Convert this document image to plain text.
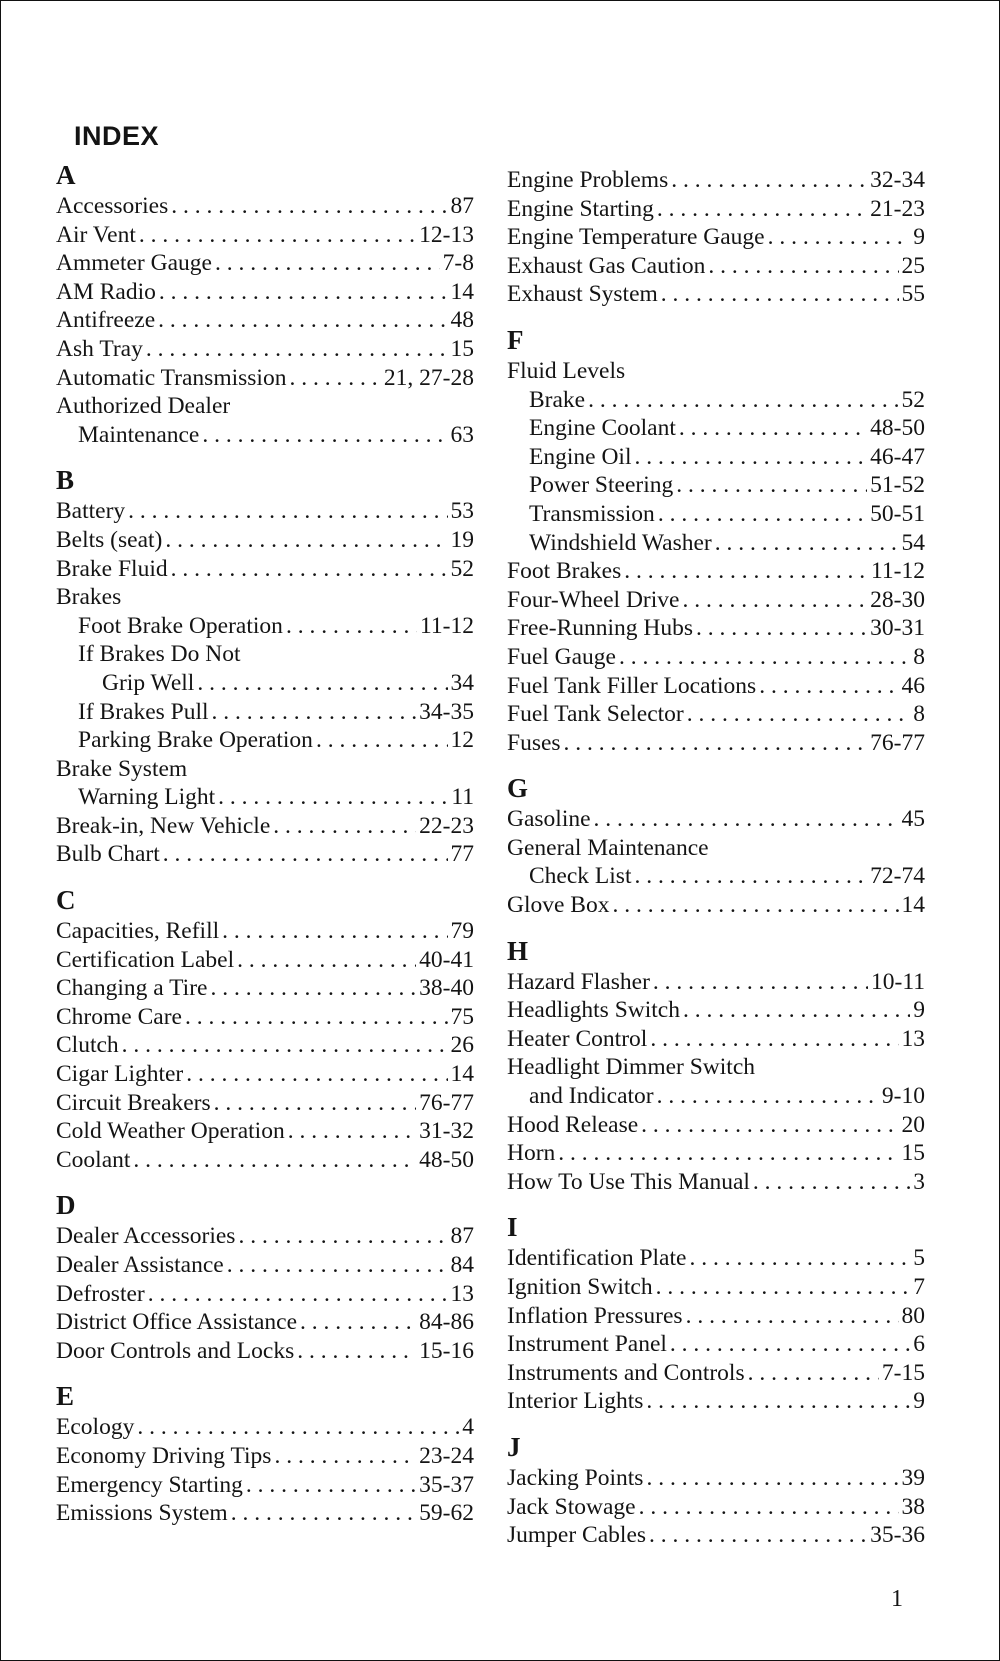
INDEX
A
Accessories . . .	87
Air Vent . . .	12-13
Ammeter Gauge . . .	7-8
AM Radio . . .	14
Antifreeze . . .	48
Ash Tray . . .	15
Automatic Transmission . . .	21, 27-28
Authorized Dealer
Maintenance . . .	63
B
Battery . . .	53
Belts (seat) . . .	19
Brake Fluid . . .	52
Brakes
Foot Brake Operation . . .	11-12
If Brakes Do Not
Grip Well . . .	34
If Brakes Pull . . .	34-35
Parking Brake Operation . . .	12
Brake System
Warning Light . . .	11
Break-in, New Vehicle . . .	22-23
Bulb Chart . . .	77
C
Capacities, Refill . . .	79
Certification Label . . .	40-41
Changing a Tire . . .	38-40
Chrome Care . . .	75
Clutch . . .	26
Cigar Lighter . . .	14
Circuit Breakers . . .	76-77
Cold Weather Operation . . .	31-32
Coolant . . .	48-50
D
Dealer Accessories . . .	87
Dealer Assistance . . .	84
Defroster . . .	13
District Office Assistance . . .	84-86
Door Controls and Locks . . .	15-16
E
Ecology . . .	4
Economy Driving Tips . . .	23-24
Emergency Starting . . .	35-37
Emissions System . . .	59-62
Engine Problems . . .	32-34
Engine Starting . . .	21-23
Engine Temperature Gauge . . .	9
Exhaust Gas Caution . . .	25
Exhaust System . . .	55
F
Fluid Levels
Brake . . .	52
Engine Coolant . . .	48-50
Engine Oil . . .	46-47
Power Steering . . .	51-52
Transmission . . .	50-51
Windshield Washer . . .	54
Foot Brakes . . .	11-12
Four-Wheel Drive . . .	28-30
Free-Running Hubs . . .	30-31
Fuel Gauge . . .	8
Fuel Tank Filler Locations . . .	46
Fuel Tank Selector . . .	8
Fuses . . .	76-77
G
Gasoline . . .	45
General Maintenance
Check List . . .	72-74
Glove Box . . .	14
H
Hazard Flasher . . .	10-11
Headlights Switch . . .	9
Heater Control . . .	13
Headlight Dimmer Switch
and Indicator . . .	9-10
Hood Release . . .	20
Horn . . .	15
How To Use This Manual . . .	3
I
Identification Plate . . .	5
Ignition Switch . . .	7
Inflation Pressures . . .	80
Instrument Panel . . .	6
Instruments and Controls . . .	7-15
Interior Lights . . .	9
J
Jacking Points . . .	39
Jack Stowage . . .	38
Jumper Cables . . .	35-36
1
